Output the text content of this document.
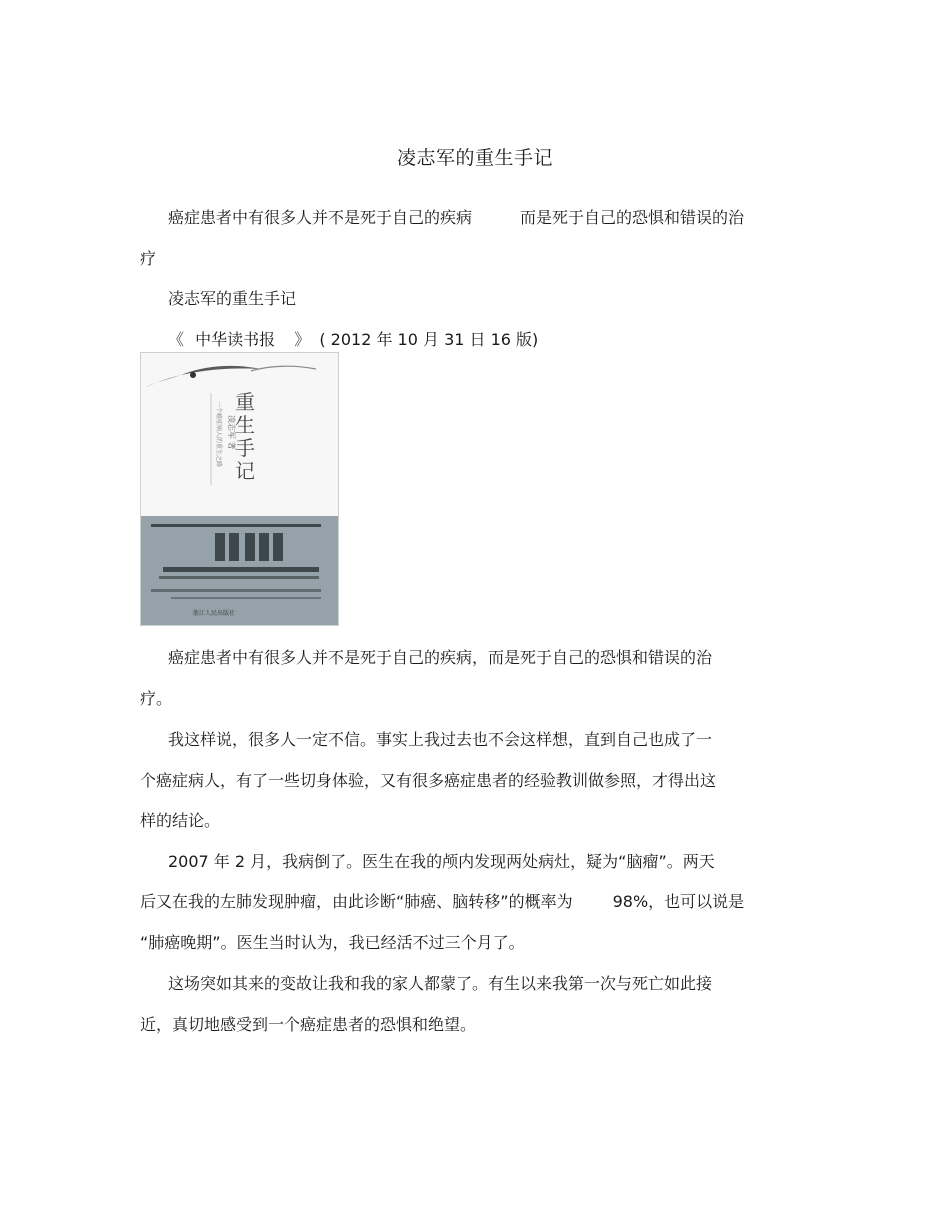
凌志军的重生手记
癌症患者中有很多人并不是死于自己的疾病	而是死于自己的恐惧和错误的治
疗
凌志军的重生手记
《 中华读书报 》 ( 2012 年 10 月 31 日 16 版)
重
生
手
记
凌志军 著
一个癌症病人的重生之路
浙江人民出版社
癌症患者中有很多人并不是死于自己的疾病，而是死于自己的恐惧和错误的治
疗。
我这样说，很多人一定不信。事实上我过去也不会这样想，直到自己也成了一
个癌症病人，有了一些切身体验，又有很多癌症患者的经验教训做参照，才得出这
样的结论。
2007 年 2 月，我病倒了。医生在我的颅内发现两处病灶，疑为“脑瘤”。两天
后又在我的左肺发现肿瘤，由此诊断“肺癌、脑转移”的概率为	98%，也可以说是
“肺癌晚期”。医生当时认为，我已经活不过三个月了。
这场突如其来的变故让我和我的家人都蒙了。有生以来我第一次与死亡如此接
近，真切地感受到一个癌症患者的恐惧和绝望。
